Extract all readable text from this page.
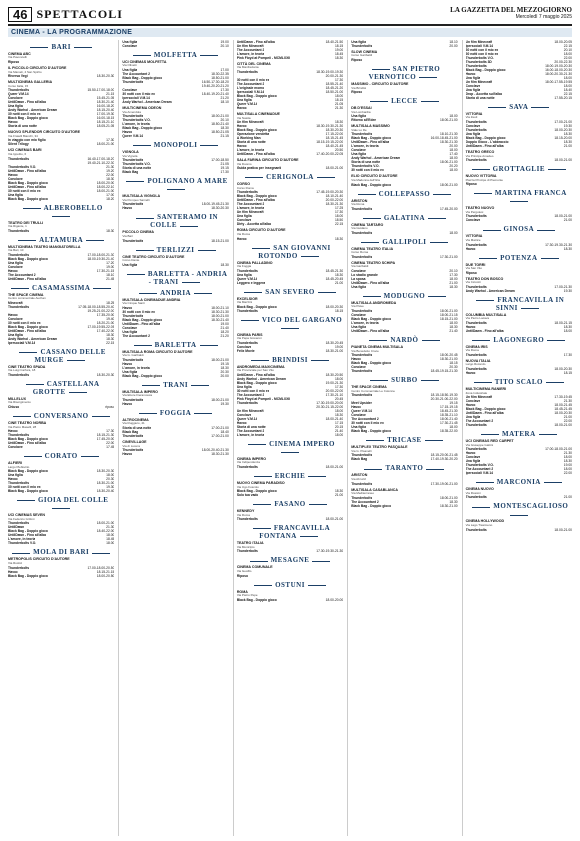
46 SPETTACOLI	LA GAZZETTA DEL MEZZOGIORNO
Mercoledì 7 maggio 2025
CINEMA - LA PROGRAMMAZIONE
BARI
CINEMA ABC
Via Pavoncelli
Riposo
IL PICCOLO CIRCUITO D'AUTORE
Via Mameli, 4 San Spirito
Riversa Vegi	18.30-20.30
MULTICINEMA GALLERIA
Corso Italia, 15
Thunderbolts	15.50-17.00-18.00
Queer V.M.14	21.15
Conclave	15.45-21.05
UntilDawn - Fino all'alba	18.30-21.40
Una figlia	16.00-18.20
Andy Warhol - American Dream	18.15-20.40
30 notti con il mio ex	17.00-19.30
Black Bag - Doppio gioco	16.00-18.15
Havoc	18.15-21.10
Storia di una notte	18.05-21.05
NUOVO SPLENDOR CIRCUITO D'AUTORE
Via Fratelli Bianchi, 34
In viaggio con mio figlio	17.30
Silent Trilogy	18.00-21.00
UCI CINEMAS BARI
Via Ippolito, 6
Thunderbolts	16.40-17.00-18.20
19.40-21.10-22.30
Thunderbolts V.O.	21.30
UntilDawn - Fino all'alba	19.20
Havoc	22.00
Conclave	18.30
Black Bag - Doppio gioco	18.00-20.00
UntilDawn - Fino all'alba	18.00-22.10
30 notti con il mio ex	18.00-21.00
Una figlia	17.00
Black Bag - Doppio gioco	18.20
ALBEROBELLO
TEATRO DEI TRULLI
Via Rigante, 1
Thunderbolts	18.30
ALTAMURA
MULTICINEMA TEATRO MANGIATORELLA
Via Bari, 10
Thunderbolts	17.00-18.00-21.30
Black Bag - Doppio gioco	18.00-19.30-21.40
Una figlia	17.20
Conclave	19.00
Havoc	17.30-21.15
The Accountant 2	18.10
UntilDawn - Fino all'alba	21.45
CASAMASSIMA
THE SPACE CINEMA
Centro commerciale Auchan
Minecraft	18.25
Thunderbolts	17.05-18.00-18.55-20.40
19.25-21.00-22.00
Havoc	17.35-20.00
Conclave	19.40
30 notti con il mio ex	18.20-21.00
Black Bag - Doppio gioco	17.00-19.55-22.05
UntilDawn - Fino all'alba	17.40-22.00
Una figlia	18.30
Andy Warhol - American Dream	18.30
Ipersociali V.M.14	22.15
CASSANO DELLE MURGE
CINE TEATRO SPADA
Via Luigi Carfora, 18
Thunderbolts	18.30-20.30
CASTELLANA GROTTE
MILLELUX
Via Risorgimento
Chiuso	riposo
CONVERSANO
CINE TEATRO NORBA
Via Pietro Maselli, 28
Havoc	17.30
Thunderbolts	18.15-21.30
Black Bag - Doppio gioco	17.45-20.00
UntilDawn - Fino all'alba	22.00
Conclave	17.45
CORATO
ALFIERI
Largo Plebiscito
Black Bag - Doppio gioco	18.30-20.30
Una figlia	18.00
Havoc	20.30
Thunderbolts	18.30-21.00
30 notti con il mio ex	19.30
Black Bag - Doppio gioco	18.30-20.40
GIOIA DEL COLLE
UCI CINEMAS SEVEN
Via Federico Grifoni
Thunderbolts	18.00-21.00
UntilDawn	21.30
Black Bag - Doppio gioco	18.40-22.00
UntilDawn - Fino all'alba	18.00
L'amore, in teoria	18.45
Thunderbolts V.O.	18.00
MOLA DI BARI
METROPOLIS CIRCUITO D'AUTORE
Via Rustici
Thunderbolts	17.00-18.00-20.50
Havoc	18.15-21.15
Black Bag - Doppio gioco	18.00-20.50
Una figlia	19.00
Conclave	20.10
MOLFETTA
UCI CINEMAS MOLFETTA
Via Olivetti
Una figlia	17.00
The Accountant 2	18.30-22.35
Black Bag - Doppio gioco	18.50-21.00
Thunderbolts	16.50-17.30-18.20
19.40-20.20-21.20
Conclave	17.30
30 notti con il mio ex	18.40-19.20-21.40
Ipersociali V.M.14	21.20
Andy Warhol - American Dream	18.10
MULTICINEMA ODEON
Via Amendola
Thunderbolts	18.00-21.00
Thunderbolts V.O.	20.10
L'amore, in teoria	18.50-21.40
Black Bag - Doppio gioco	18.30
Havoc	18.50-21.05
Queer V.M.14	21.15
MONOPOLI
VIGNOLA
Via Vignola
Thunderbolts	17.00-18.50
Thunderbolts V.O.	21.05
Storia di una notte	19.15
Black Bag	17.30
POLIGNANO A MARE
MULTISALA VIGNOLA
Via Pompeo Sarnelli
Thunderbolts	18.00-19.45-21.30
Havoc	18.30-20.30
SANTERAMO IN COLLE
PICCOLO CINEMA
Via Bari
Thunderbolts	18.15-21.00
TERLIZZI
CINE TEATRO CIRCUITO D'AUTORE
Corso Dante
Una figlia	18.30
BARLETTA - ANDRIA - TRANI
ANDRIA
MULTISALA CINEMADUE ANDRIA
Via Cinque Santi
Havoc	18.00-21.10
30 notti con il mio ex	18.30-21.30
Thunderbolts	18.00-21.00
Black Bag - Doppio gioco	18.30-21.40
UntilDawn - Fino all'alba	19.00
Conclave	21.40
Una figlia	18.20
The Accountant 2	21.20
BARLETTA
MULTISALA ROMA CIRCUITO D'AUTORE
Via G. Garibaldi
Thunderbolts	18.00-21.00
Havoc	19.15
L'amore, in teoria	18.30
Una figlia	20.30
Black Bag - Doppio gioco	20.00
TRANI
MULTISALA IMPERO
Via Ettore Fieramosca
Thunderbolts	18.00-21.00
Havoc	19.30
FOGGIA
ALTROCINEMA
Via Ruggiero, 41
Storia di una notte	17.00-21.00
Black Bag	18.40
Thunderbolts	17.00-21.00
CINEVILLAGE
Via di Lucera
Thunderbolts	18.00-20.40-21.30
Havoc	18.30-21.30
UntilDawn - Fino all'alba	18.40-21.50
Un film Minecraft	18.15
The Accountant 2	19.00
L'amore, in teoria	18.45
Pink Floyd at Pompeii - MCMLXXII	18.30
CITTÀ DEL CINEMA
Via Manfredonia
Thunderbolts	18.30-19.00-19.30
20.00-21.30
30 notti con il mio ex	17.30
The Accountant 2	18.55-21.40
L'originale momo	18.45-21.20
Ipersociali V.M.14	18.50-21.00
Black Bag - Doppio gioco	18.00
Una figlia	18.15
Queer V.M.14	21.05
Havoc	21.30
MULTISALA CINEMADUE
Via Natola
Un film Minecraft	18.30
Havoc	18.30-19.30-21.30
Black Bag - Doppio gioco	18.30-20.30
Operazione vendetta	17.15-22.00
A Working Man	18.15-21.45
Storia di una notte	18.15-19.15-22.00
Havoc	18.40-21.45
L'amore, in teoria	20.50
UntilDawn - Fino all'alba	17.40-20.00-22.05
SALA FARINA CIRCUITO D'AUTORE
Via Duomo
Guida pratica per insegnanti	18.00-21.00
CERIGNOLA
CORSO
Corso Roma
Thunderbolts	17.45-19.00-20.30
Black Bag - Doppio gioco	18.10-21.40
UntilDawn - Fino all'alba	20.00-22.00
The Accountant 2	18.30-21.30
L'amore, in teoria	17.25
Un film Minecraft	17.30
Una figlia	18.00
Conclave	18.50
Dirty - Accetta all'alba	22.15
ROMA CIRCUITO D'AUTORE
Via Roma
Havoc	18.30
SAN GIOVANNI ROTONDO
CINEMA PALLADINO
Via Foggia
Thunderbolts	18.45-21.30
Una figlia	18.30
Queer V.M.14	18.45-20.45
Leggero e leggera	21.00
SAN SEVERO
EXCELSIOR
Via Mazzini
Black Bag - Doppio gioco	18.00-20.30
Thunderbolts	18.15
VICO DEL GARGANO
CINEMA PARIS
Via Papa Giovanni
Thunderbolts	18.30-20.45
Conclave	19.00
Felix Movie	18.30-21.00
BRINDISI
ANDROMEDA MAXICINEMA
Via Provinciale per San Vito
UntilDawn - Fino all'alba	18.30-20.50
Andy Warhol - American Dream	18.00
Black Bag - Doppio gioco	19.00-21.30
Una figlia	17.30
30 notti con il mio ex	20.00-22.00
The Accountant 2	17.30-21.10
Pink Floyd at Pompeii - MCMLXXII	20.45
Thunderbolts	17.30-19.00-20.00
20.30-21.15-22.00
Un film Minecraft	18.00
Conclave	18.30
Queer V.M.14	18.00-21.40
Havoc	17.15
Storia di una notte	20.15
The Accountant 2	21.40
L'amore, in teoria	18.00
CINEMA IMPERO
CINEMA IMPERO
Via Indipendenza
Thunderbolts	18.00-21.00
ERCHIE
NUOVO CINEMA PARADISO
Via Ugo Foscolo
Black Bag - Doppio gioco	18.30
Solo tua vado	21.00
FASANO
KENNEDY
Via Roma
Thunderbolts	18.00-21.00
FRANCAVILLA FONTANA
TEATRO ITALIA
Via Municipio
Thunderbolts	17.30-19.30-21.30
MESAGNE
CINEMA COMUNALE
Via Geofilo
Riposo
OSTUNI
ROMA
Via Pietro Pepe
Black Bag - Doppio gioco	18.00-20.00
Una figlia	18.10
Thunderbolts	20.00
SLOW CINEMA
Corso Garibaldi
Riposo
SAN PIETRO VERNOTICO
MASSIMO - CIRCUITO D'AUTORE
Via Brindisi
Riposo
LECCE
DB D'ESSAI
Via Lombardia
Una figlia	18.00
Ritorno all'Eden	18.00-21.00
MULTISALA MASSIMO
Viale Lo Re
Thunderbolts	18.10-21.30
Black Bag - Doppio gioco	16.00-18.45-21.00
UntilDawn - Fino all'alba	18.30-21.30
L'amore, in teoria	20.00
Conclave	18.00
Una figlia	17.40
Andy Warhol - American Dream	18.00
Storia di una notte	18.00-21.00
Thunderbolts V.O.	20.20
30 notti con il mio ex	18.00
ELIO CIRCUITO D'AUTORE
Via Madonna dell'Itria
Black Bag - Doppio gioco	18.00-21.00
COLLEPASSO
ARISTON
Via Roma
Thunderbolts	17.45-20.00
GALATINA
CINEMA TARTARO
Via Guidano
Thunderbolts	18.00
GALLIPOLI
CINEMA TEATRO ITALIA
Corso Roma
Thunderbolts	17.30-21.00
CINEMA TEATRO SCHIPA
Via Garibaldi
Conclave	20.10
Lo stadio grande	17.30
La sposa	18.00
UntilDawn - Fino all'alba	21.00
Una figlia	18.30
MODUGNO
MULTISALA ANDROMEDA
Via Piave
Thunderbolts	18.00-21.00
Conclave	18.00-21.15
Black Bag - Doppio gioco	18.15-21.00
L'amore, in teoria	18.00
Una figlia	18.30
UntilDawn - Fino all'alba	21.40
NARDÒ
PIANETA CINEMA MULTISALA
Via Benedetto Croce
Thunderbolts	18.00-20.45
Havoc	18.30-21.00
Black Bag - Doppio gioco	18.15
Conclave	20.30
Thunderbolts	18.45-19.15-21.30
SURBO
THE SPACE CINEMA
Centro Commerciale Le Colonne
Thunderbolts	18.15-18.50-19.30
20.30-21.00-22.00
Meet Upsider	19.15
Havoc	17.15-19.15
Queer V.M.14	18.45-21.30
Conclave	18.35-21.10
The Accountant 2	18.00-21.40
30 notti con il mio ex	17.30-21.45
Una figlia	18.00
Black Bag - Doppio gioco	18.35-22.00
TRICASE
MULTIPLEX TEATRO PASQUALE
Via G. Pisanelli
Thunderbolts	18.15-20.00-21.45
Black Bag	17.40-19.30-20.20
TARANTO
ARISTON
Via Abruzzi
Thunderbolts	17.30-19.00-21.00
MULTISALA CASABLANCA
Via Mediterraneo
Thunderbolts	18.00-21.00
The Accountant 2	18.30
Black Bag - Doppio gioco	18.30-21.00
Un film Minecraft	18.00-20.05
Ipersociali V.M.14	22.15
30 notti con il mio ex	20.10
30 notti con il mio ex	18.00
Thunderbolts V.O.	22.00
Thunderbolts 3D	20.00-22.30
Thunderbolts	18.00-19.00-20.30
Black Bag - Doppio gioco	16.00-18.00-20.30
Havoc	18.00-20.30-21.30
Una figlia	18.00
Un film Minecraft	18.00-17.55-19.55
Conclave	18.00
Una figlia	18.40
Drop - Accetta sull'alba	22.15
Storia di una notte	17.55-20.15
SAVA
VITTORIA
Via Zeuli
Thunderbolts	17.00-21.00
Conclave	19.30
Thunderbolts	18.00-20.30
Una figlia	18.30
Black Bag - Doppio gioco	18.15-20.00
Doppio Gioco - L'abbraccio	18.30
UntilDawn - Fino all'alba	21.00
TEATRO GRECO
Via Principe Amedeo
Thunderbolts	18.00-21.00
GROTTAGLIE
NUOVO VITTORIA
Piazza Principe di Piemonte
Riposo
MARTINA FRANCA
TEATRO NUOVO
Via Pergolesi
Thunderbolts	18.00-21.00
Conclave	21.00
GINOSA
VITTORIA
Via Matrice
Thunderbolts	17.30-19.30-21.30
Havoc	18.30
POTENZA
DUE TORRI
Via San Vito
Riposo
TEATRO DON BOSCO
Via Ciccotti
Thunderbolts	17.00-21.30
Andy Warhol - American Dream	19.30
FRANCAVILLA IN SINNI
COLUMBIA MULTISALA
Via Pietro Lacava
Thunderbolts	18.00-21.15
Havoc	18.30
UntilDawn - Fino all'alba	18.00
LAGONEGRO
CINEMA IRIS
Via Roma
Thunderbolts	17.30
NUOVA ITALIA
Largo Rotondo
Thunderbolts	18.00-20.30
Havoc	18.15
TITO SCALO
MULTICINEMA RANIERI
Zona Industriale
Un film Minecraft	17.30-19.45
Conclave	21.30
Havoc	18.00-21.45
Black Bag - Doppio gioco	18.45-21.45
UntilDawn - Fino all'alba	18.00-20.30
Una figlia	21.00
The Accountant 2	22.00
Thunderbolts	18.00-21.00
MATERA
UCI CINEMAS RED CARPET
Via Giuseppe Gattini
Thunderbolts	17.00-18.00-21.00
Havoc	21.30
Conclave	18.00
Una figlia	18.30
Thunderbolts V.O.	19.00
The Accountant 2	18.00
Ipersociali V.M.14	22.00
MARCONIA
CINEMA NUOVO
Via Rossini
Thunderbolts	21.00
MONTESCAGLIOSO
CINEMA HOLLYWOOD
Via Lago Trasimeno
Thunderbolts	18.00-21.00
